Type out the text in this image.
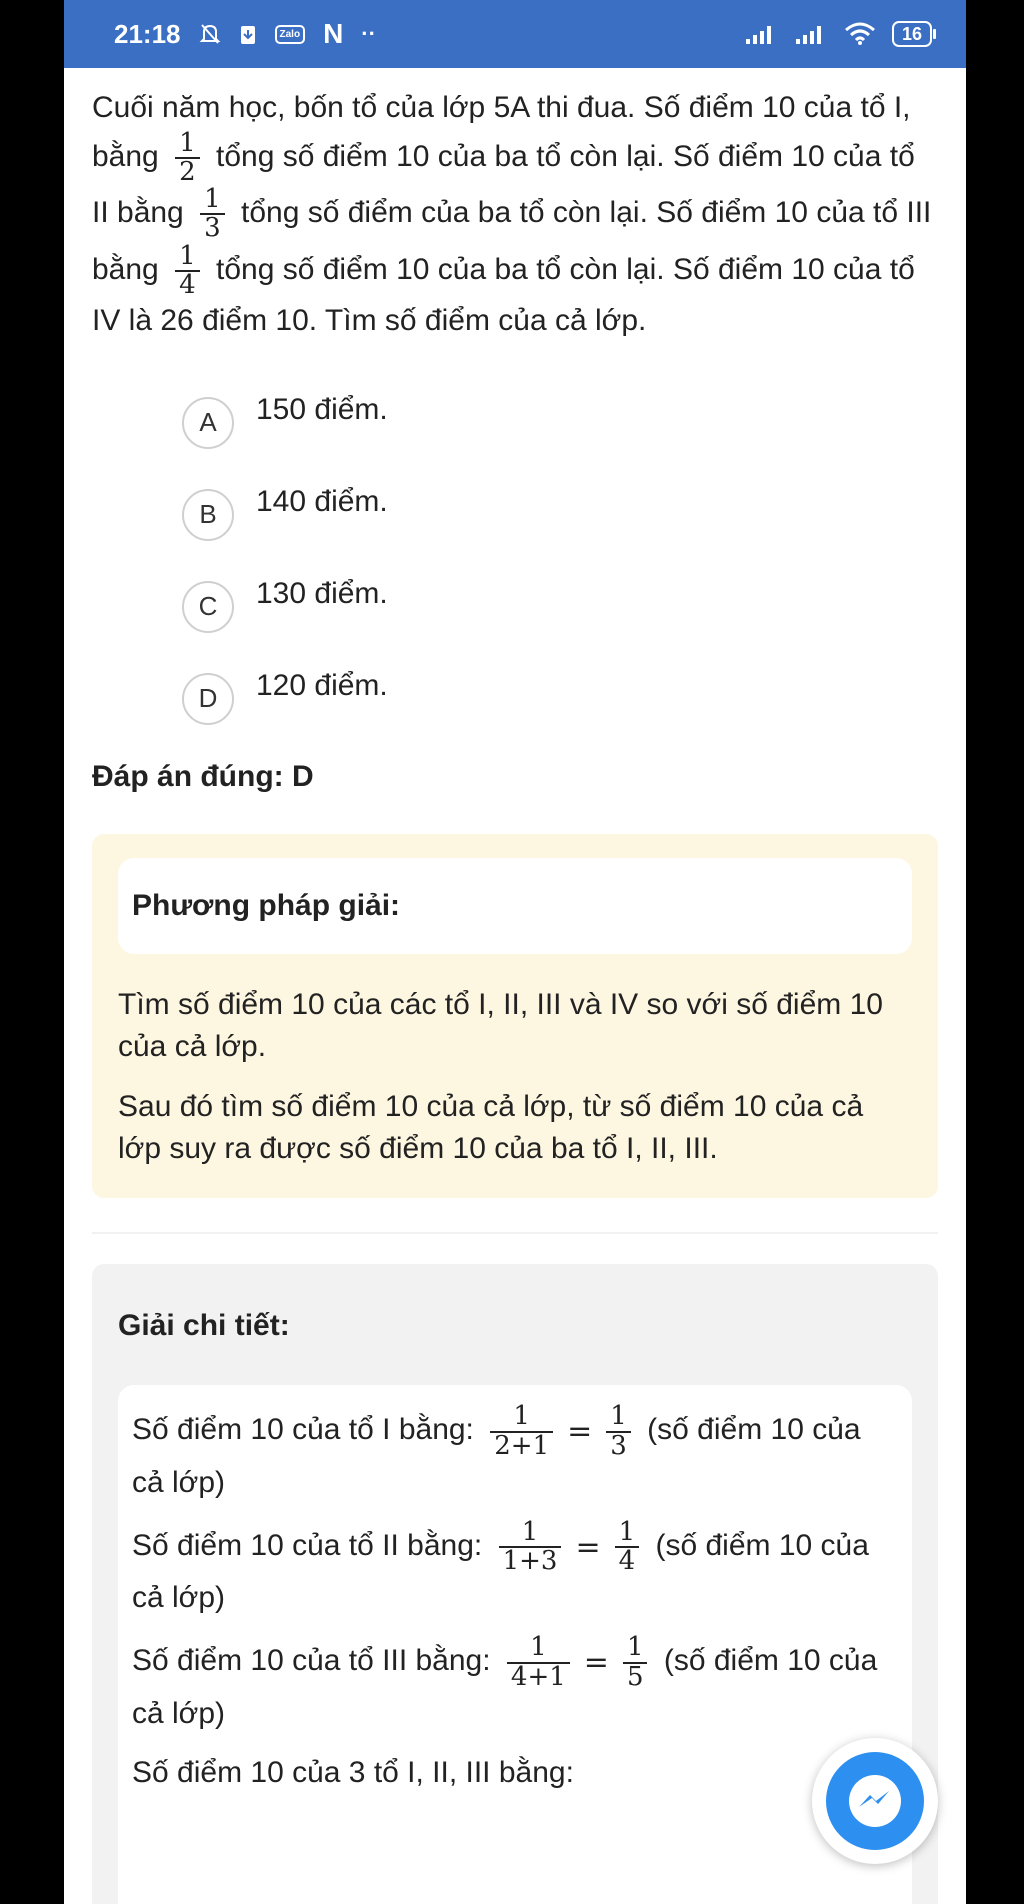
21:18	Zalo N ··	16

Cuối năm học, bốn tổ của lớp 5A thi đua. Số điểm 10 của tổ I, bằng $\frac{1}{2}$ tổng số điểm 10 của ba tổ còn lại. Số điểm 10 của tổ II bằng $\frac{1}{3}$ tổng số điểm của ba tổ còn lại. Số điểm 10 của tổ III bằng $\frac{1}{4}$ tổng số điểm 10 của ba tổ còn lại. Số điểm 10 của tổ IV là 26 điểm 10. Tìm số điểm của cả lớp.

A	150 điểm.
B	140 điểm.
C	130 điểm.
D	120 điểm.
Đáp án đúng: D
Phương pháp giải:

Tìm số điểm 10 của các tổ I, II, III và IV so với số điểm 10 của cả lớp.

Sau đó tìm số điểm 10 của cả lớp, từ số điểm 10 của cả lớp suy ra được số điểm 10 của ba tổ I, II, III.

Giải chi tiết:
Số điểm 10 của tổ I bằng: $\frac{1}{2+1} = \frac{1}{3}$ (số điểm 10 của cả lớp)
Số điểm 10 của tổ II bằng: $\frac{1}{1+3} = \frac{1}{4}$ (số điểm 10 của cả lớp)
Số điểm 10 của tổ III bằng: $\frac{1}{4+1} = \frac{1}{5}$ (số điểm 10 của cả lớp)
Số điểm 10 của 3 tổ I, II, III bằng:
